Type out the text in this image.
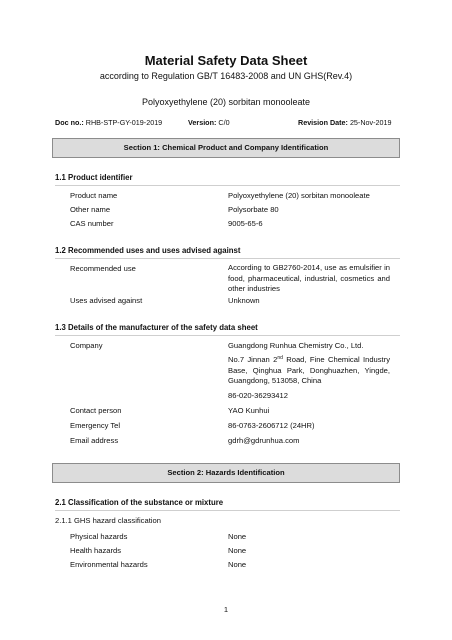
Material Safety Data Sheet
according to Regulation GB/T 16483-2008 and UN GHS(Rev.4)
Polyoxyethylene (20) sorbitan monooleate
Doc no.: RHB-STP-GY-019-2019	Version: C/0	Revision Date: 25-Nov-2019
Section 1: Chemical Product and Company Identification
1.1 Product identifier
Product name	Polyoxyethylene (20) sorbitan monooleate
Other name	Polysorbate 80
CAS number	9005-65-6
1.2 Recommended uses and uses advised against
Recommended use	According to GB2760-2014, use as emulsifier in food, pharmaceutical, industrial, cosmetics and other industries
Uses advised against	Unknown
1.3 Details of the manufacturer of the safety data sheet
Company	Guangdong Runhua Chemistry Co., Ltd.
No.7 Jinnan 2nd Road, Fine Chemical Industry Base, Qinghua Park, Donghuazhen, Yingde, Guangdong, 513058, China
86-020-36293412
Contact person	YAO Kunhui
Emergency Tel	86-0763-2606712 (24HR)
Email address	gdrh@gdrunhua.com
Section 2: Hazards Identification
2.1 Classification of the substance or mixture
2.1.1 GHS hazard classification
Physical hazards	None
Health hazards	None
Environmental hazards	None
1
